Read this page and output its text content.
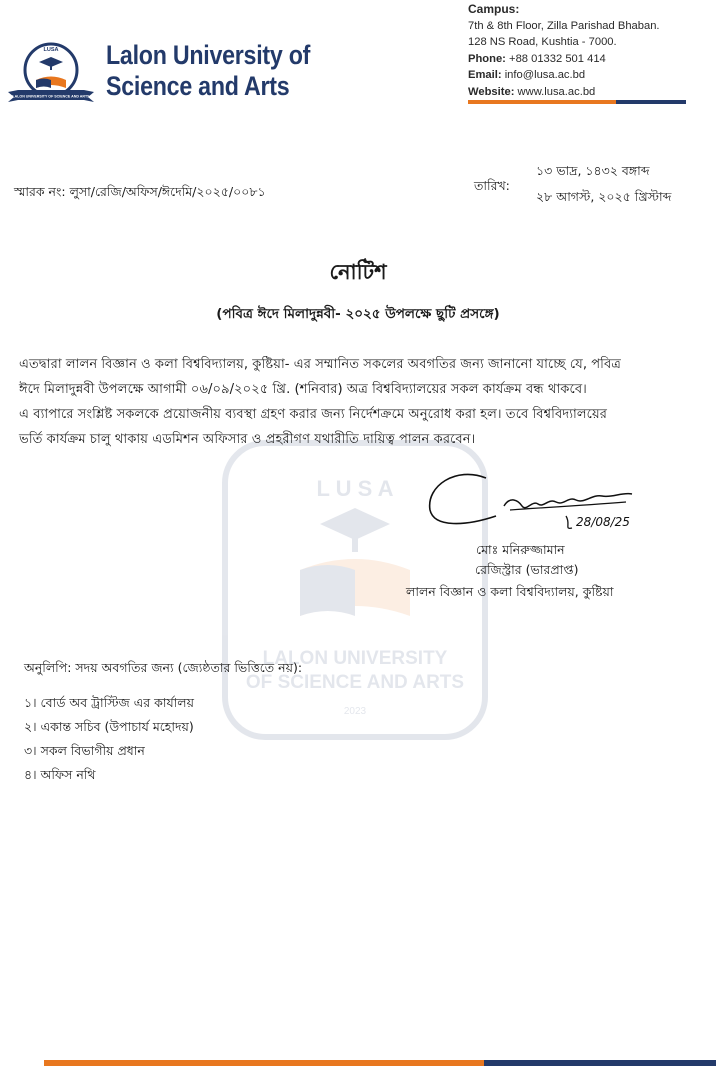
LUSA
LALON UNIVERSITY OF SCIENCE AND ARTS
Lalon University of
Science and Arts
Campus:
7th & 8th Floor, Zilla Parishad Bhaban.
128 NS Road, Kushtia - 7000.
Phone: +88 01332 501 414
Email: info@lusa.ac.bd
Website: www.lusa.ac.bd
স্মারক নং: লুসা/রেজি/অফিস/ঈদেমি/২০২৫/০০৮১	তারিখ:
১৩ ভাদ্র, ১৪৩২ বঙ্গাব্দ
২৮ আগস্ট, ২০২৫ খ্রিস্টাব্দ
L U S A
LALON UNIVERSITY
OF SCIENCE AND ARTS
2023
নোটিশ
(পবিত্র ঈদে মিলাদুন্নবী- ২০২৫ উপলক্ষে ছুটি প্রসঙ্গে)
এতদ্বারা লালন বিজ্ঞান ও কলা বিশ্ববিদ্যালয়, কুষ্টিয়া- এর সম্মানিত সকলের অবগতির জন্য জানানো যাচ্ছে যে, পবিত্র
ঈদে মিলাদুন্নবী উপলক্ষে আগামী ০৬/০৯/২০২৫ খ্রি. (শনিবার) অত্র বিশ্ববিদ্যালয়ের সকল কার্যক্রম বন্ধ থাকবে।
এ ব্যাপারে সংশ্লিষ্ট সকলকে প্রয়োজনীয় ব্যবস্থা গ্রহণ করার জন্য নির্দেশক্রমে অনুরোধ করা হল। তবে বিশ্ববিদ্যালয়ের
ভর্তি কার্যক্রম চালু থাকায় এডমিশন অফিসার ও প্রহরীগণ যথারীতি দায়িত্ব পালন করবেন।
28/08/25
মোঃ মনিরুজ্জামান
রেজিস্ট্রার (ভারপ্রাপ্ত)
লালন বিজ্ঞান ও কলা বিশ্ববিদ্যালয়, কুষ্টিয়া
অনুলিপি: সদয় অবগতির জন্য (জ্যেষ্ঠতার ভিত্তিতে নয়):
১। বোর্ড অব ট্রাস্টিজ এর কার্যালয়
২। একান্ত সচিব (উপাচার্য মহোদয়)
৩। সকল বিভাগীয় প্রধান
৪। অফিস নথি
